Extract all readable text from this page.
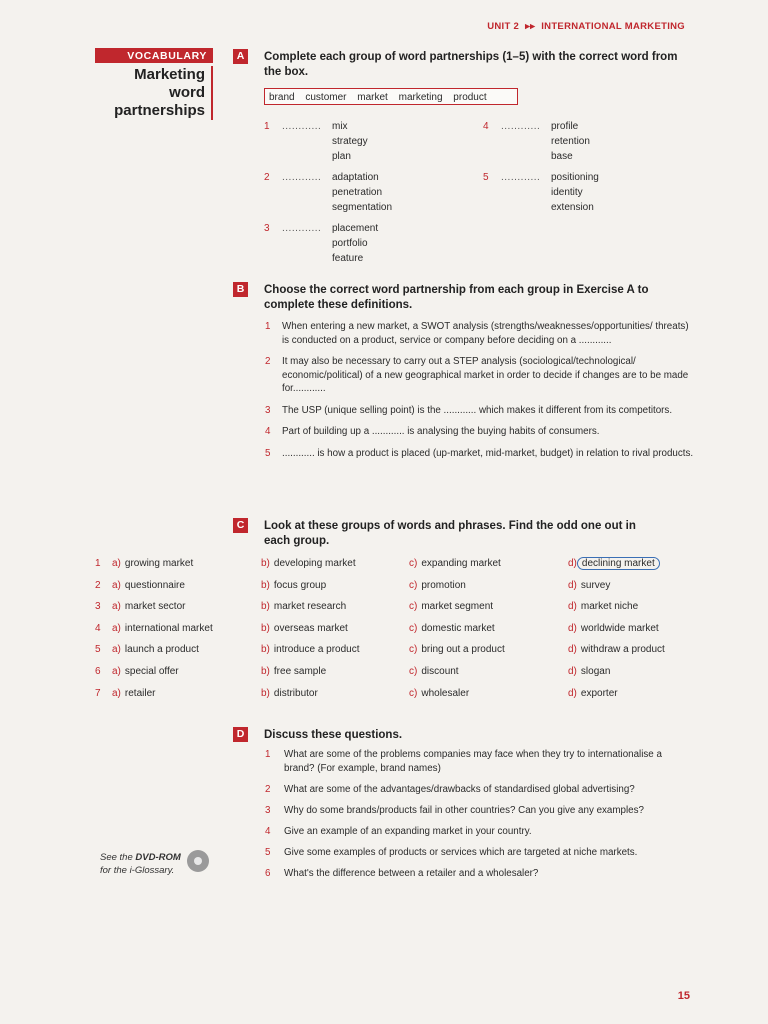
UNIT 2 ▸▸ INTERNATIONAL MARKETING
VOCABULARY
Marketing word
partnerships
A	Complete each group of word partnerships (1–5) with the correct word from the box.
brand customer market marketing product
1 ............ mix
strategy
plan
2 ............ adaptation
penetration
segmentation
3 ............ placement
portfolio
feature
4 ............ profile
retention
base
5 ............ positioning
identity
extension
B	Choose the correct word partnership from each group in Exercise A to complete these definitions.
1 When entering a new market, a SWOT analysis (strengths/weaknesses/opportunities/ threats) is conducted on a product, service or company before deciding on a ............
2 It may also be necessary to carry out a STEP analysis (sociological/technological/ economic/political) of a new geographical market in order to decide if changes are to be made for............
3 The USP (unique selling point) is the ............ which makes it different from its competitors.
4 Part of building up a ............ is analysing the buying habits of consumers.
5 ............ is how a product is placed (up-market, mid-market, budget) in relation to rival products.
C	Look at these groups of words and phrases. Find the odd one out in each group.
1 a) growing market	b) developing market	c) expanding market	d) declining market
2 a) questionnaire	b) focus group	c) promotion	d) survey
3 a) market sector	b) market research	c) market segment	d) market niche
4 a) international market	b) overseas market	c) domestic market	d) worldwide market
5 a) launch a product	b) introduce a product	c) bring out a product	d) withdraw a product
6 a) special offer	b) free sample	c) discount	d) slogan
7 a) retailer	b) distributor	c) wholesaler	d) exporter
D	Discuss these questions.
1 What are some of the problems companies may face when they try to internationalise a brand? (For example, brand names)
2 What are some of the advantages/drawbacks of standardised global advertising?
3 Why do some brands/products fail in other countries? Can you give any examples?
4 Give an example of an expanding market in your country.
5 Give some examples of products or services which are targeted at niche markets.
6 What's the difference between a retailer and a wholesaler?
See the DVD-ROM
for the i-Glossary.
15
